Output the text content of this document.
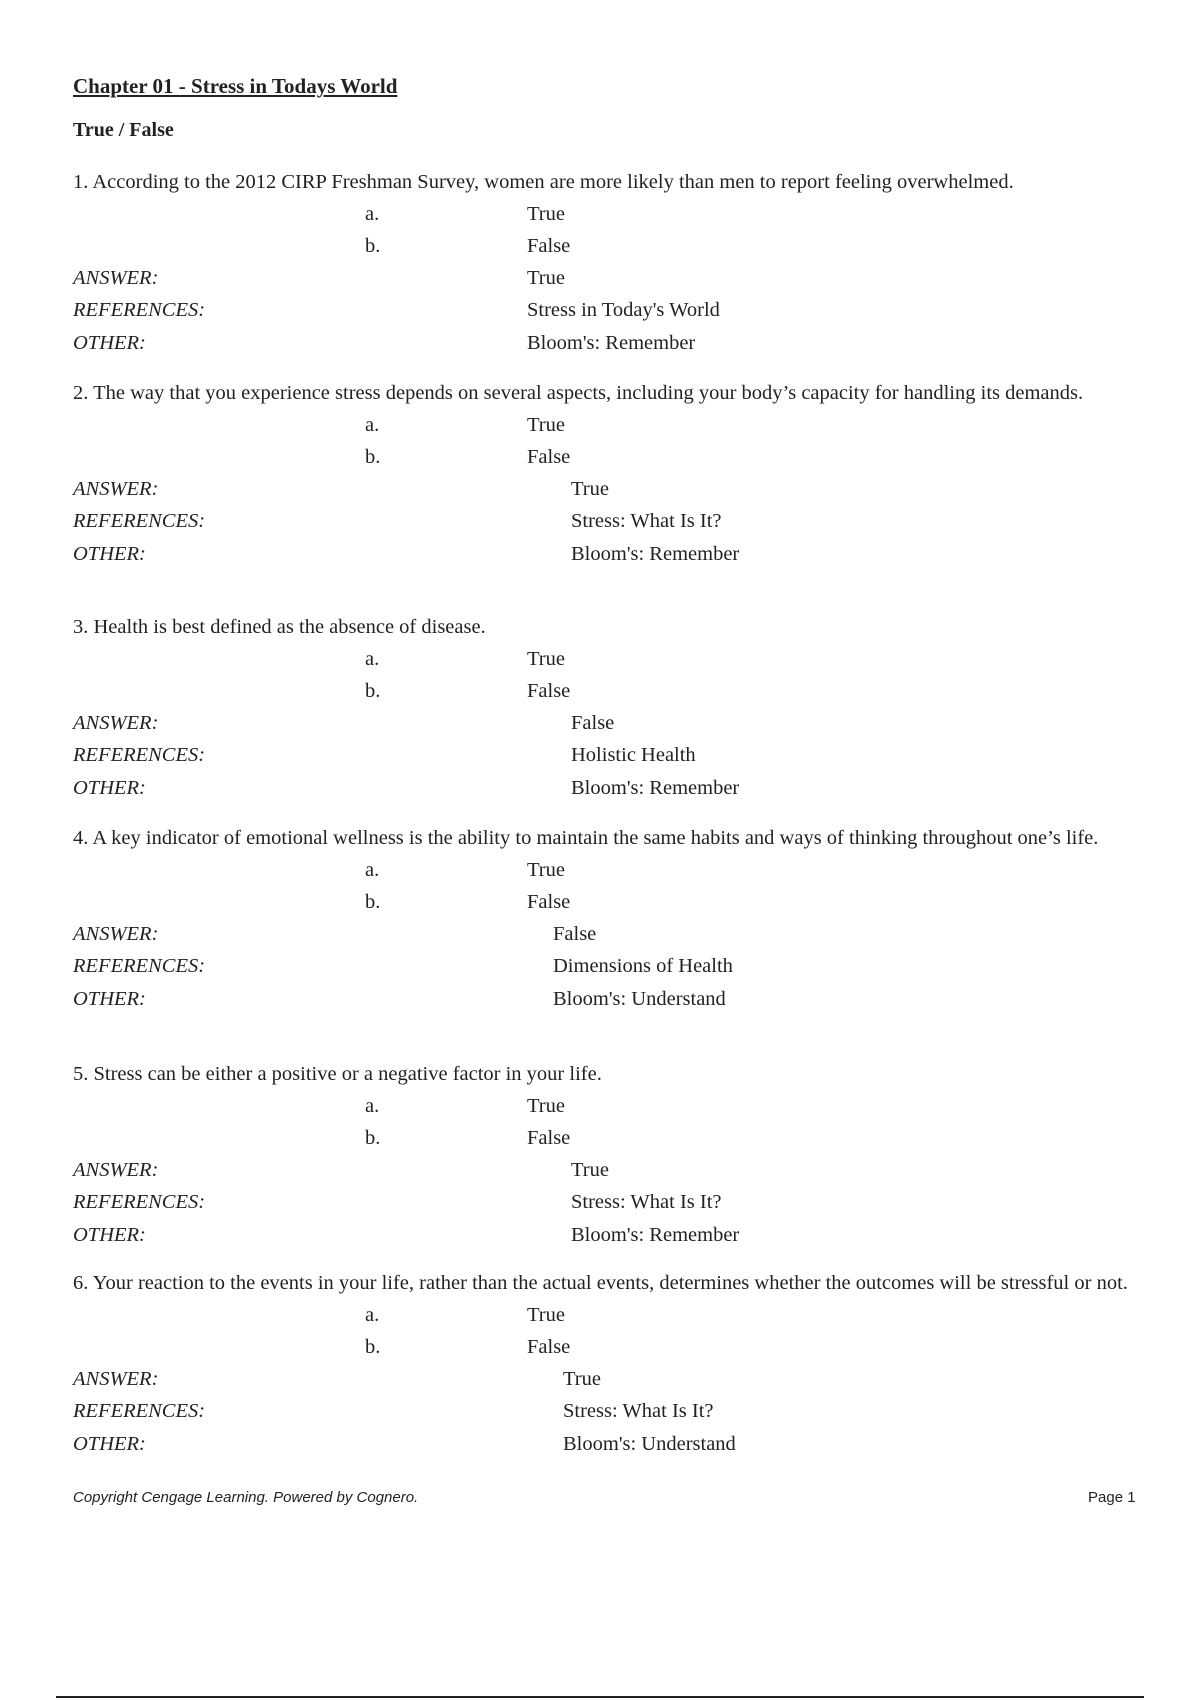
Chapter 01 - Stress in Todays World
True / False

1. According to the 2012 CIRP Freshman Survey, women are more likely than men to report feeling overwhelmed.

a.	True
b.	False
ANSWER:	True
REFERENCES:	Stress in Today's World
OTHER:	Bloom's: Remember

2. The way that you experience stress depends on several aspects, including your body’s capacity for handling its demands.

a.	True
b.	False
ANSWER:	True
REFERENCES:	Stress: What Is It?
OTHER:	Bloom's: Remember

3. Health is best defined as the absence of disease.

a.	True
b.	False
ANSWER:	False
REFERENCES:	Holistic Health
OTHER:	Bloom's: Remember

4. A key indicator of emotional wellness is the ability to maintain the same habits and ways of thinking throughout one’s life.

a.	True
b.	False
ANSWER:	False
REFERENCES:	Dimensions of Health
OTHER:	Bloom's: Understand

5. Stress can be either a positive or a negative factor in your life.

a.	True
b.	False
ANSWER:	True
REFERENCES:	Stress: What Is It?
OTHER:	Bloom's: Remember

6. Your reaction to the events in your life, rather than the actual events, determines whether the outcomes will be stressful or not.

a.	True
b.	False
ANSWER:	True
REFERENCES:	Stress: What Is It?
OTHER:	Bloom's: Understand
Copyright Cengage Learning. Powered by Cognero.	Page 1
